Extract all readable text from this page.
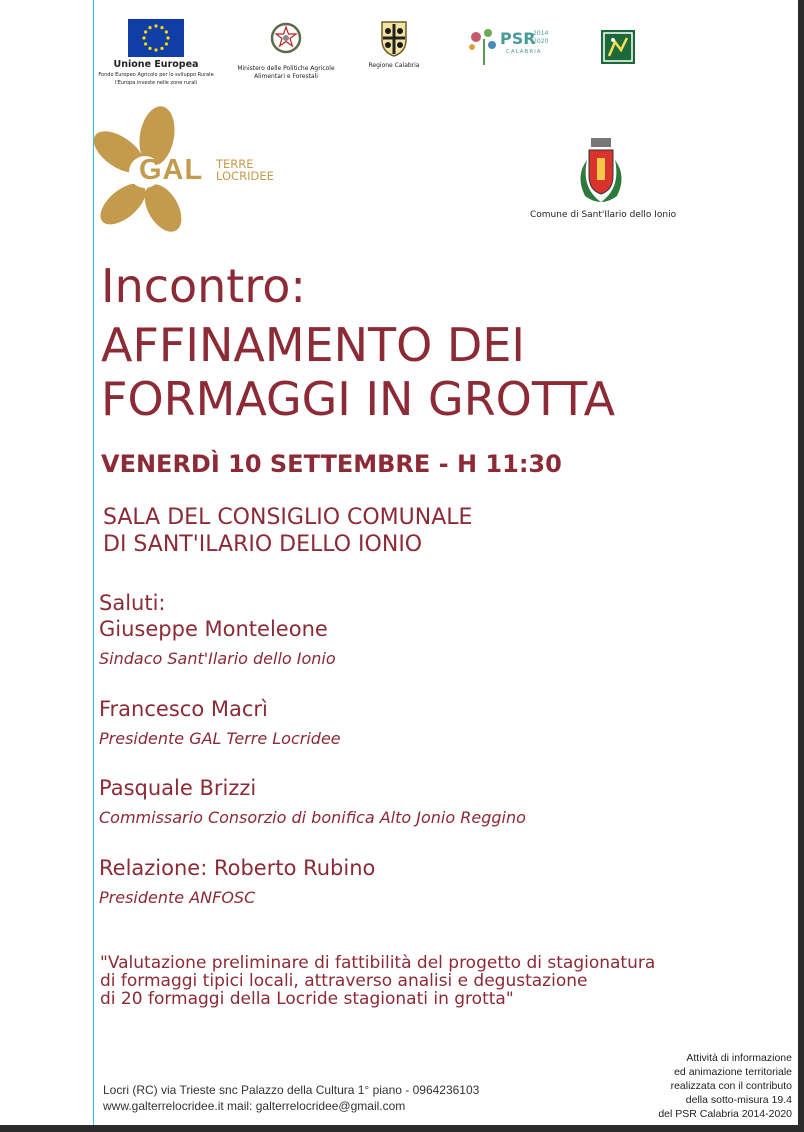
Unione Europea
Fondo Europeo Agricolo per lo sviluppo Rurale
l'Europa investe nelle zone rurali
Ministero delle Politiche Agricole
Alimentari e Forestali
Regione Calabria
PSR
2014 2020
CALABRIA
GAL TERRE
LOCRIDEE
Comune di Sant'Ilario dello Ionio
Incontro:
AFFINAMENTO DEI
FORMAGGI IN GROTTA
VENERDÌ 10 SETTEMBRE - H 11:30
SALA DEL CONSIGLIO COMUNALE
DI SANT'ILARIO DELLO IONIO
Saluti:
Giuseppe Monteleone
Sindaco Sant'Ilario dello Ionio
Francesco Macrì
Presidente GAL Terre Locridee
Pasquale Brizzi
Commissario Consorzio di bonifica Alto Jonio Reggino
Relazione: Roberto Rubino
Presidente ANFOSC
"Valutazione preliminare di fattibilità del progetto di stagionatura
di formaggi tipici locali, attraverso analisi e degustazione
di 20 formaggi della Locride stagionati in grotta"
Attività di informazione
ed animazione territoriale
realizzata con il contributo
della sotto-misura 19.4
del PSR Calabria 2014-2020
Locri (RC) via Trieste snc Palazzo della Cultura 1° piano - 0964236103
www.galterrelocridee.it mail: galterrelocridee@gmail.com
